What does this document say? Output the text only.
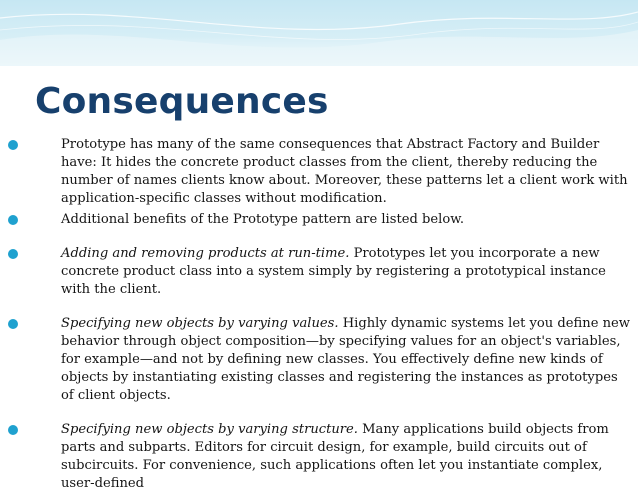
Consequences
Prototype has many of the same consequences that Abstract Factory and Builder have: It hides the concrete product classes from the client, thereby reducing the number of names clients know about. Moreover, these patterns let a client work with application-specific classes without modification.
Additional benefits of the Prototype pattern are listed below.
Adding and removing products at run-time. Prototypes let you incorporate a new concrete product class into a system simply by registering a prototypical instance with the client.
Specifying new objects by varying values. Highly dynamic systems let you define new behavior through object composition—by specifying values for an object's variables, for example—and not by defining new classes. You effectively define new kinds of objects by instantiating existing classes and registering the instances as prototypes of client objects.
Specifying new objects by varying structure. Many applications build objects from parts and subparts. Editors for circuit design, for example, build circuits out of subcircuits. For convenience, such applications often let you instantiate complex, user-defined
